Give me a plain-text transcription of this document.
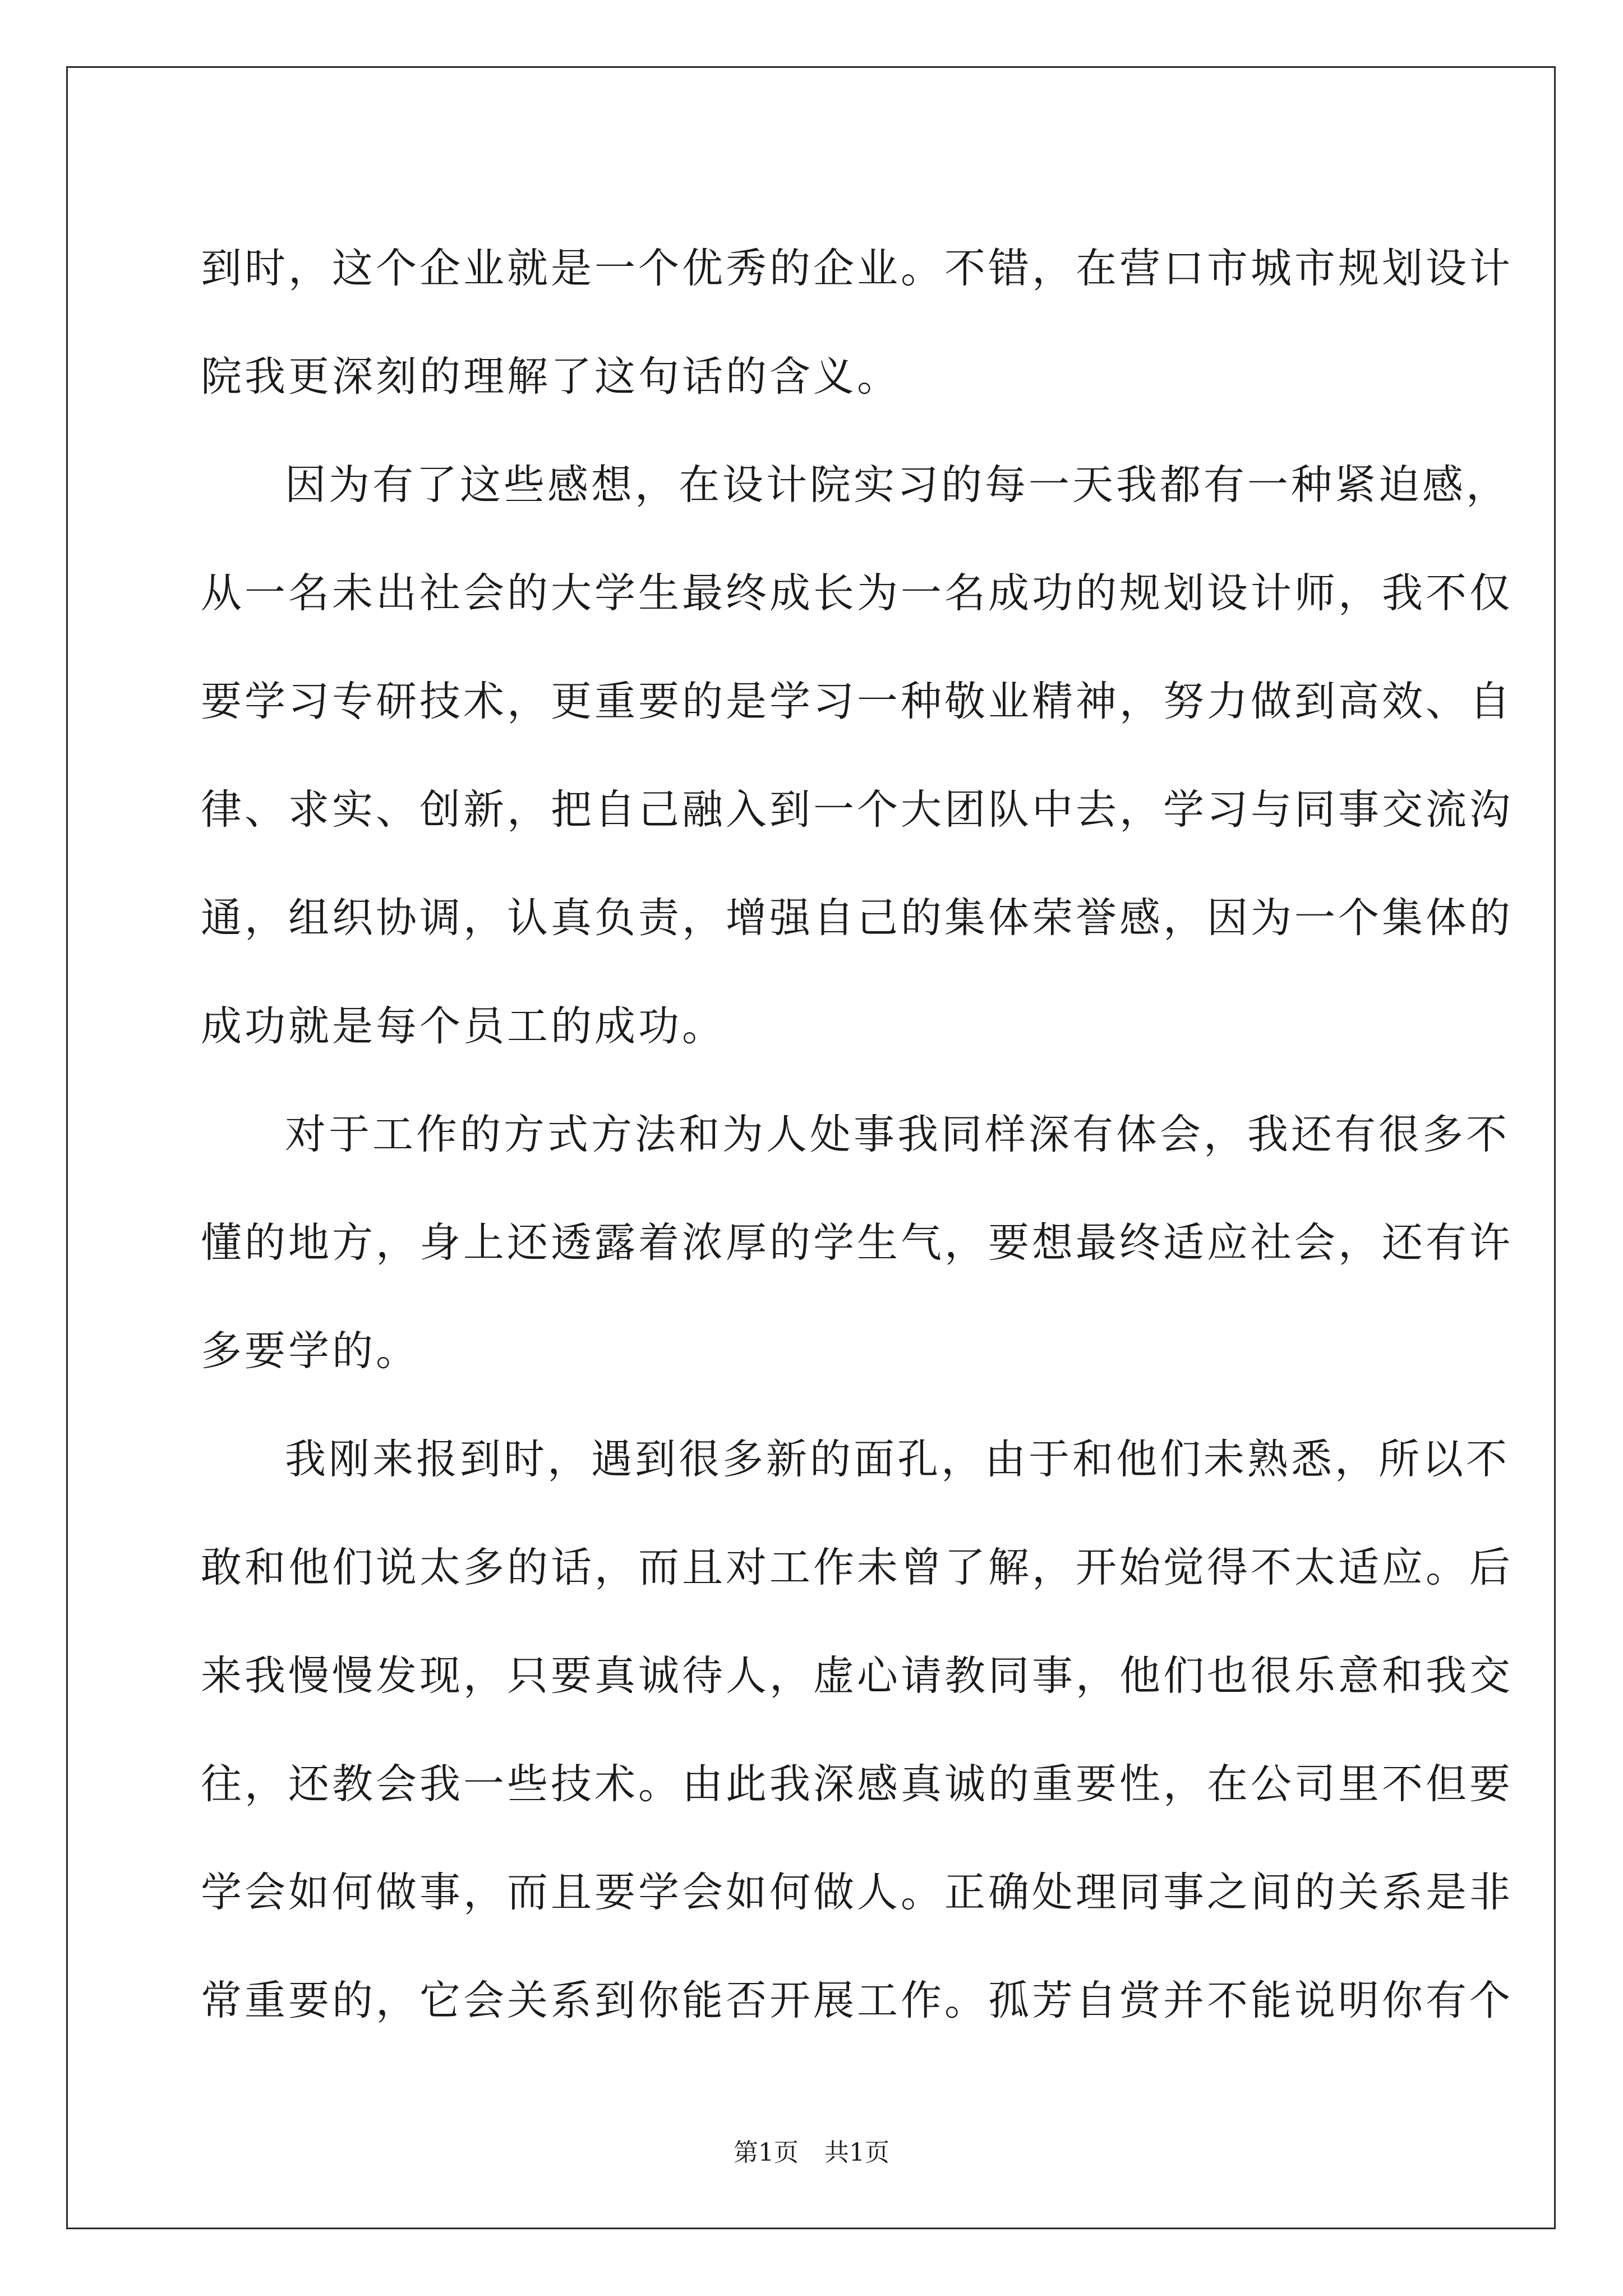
到时，这个企业就是一个优秀的企业。不错，在营口市城市规划设计
院我更深刻的理解了这句话的含义。
因为有了这些感想，在设计院实习的每一天我都有一种紧迫感，
从一名未出社会的大学生最终成长为一名成功的规划设计师，我不仅
要学习专研技术，更重要的是学习一种敬业精神，努力做到高效、自
律、求实、创新，把自己融入到一个大团队中去，学习与同事交流沟
通，组织协调，认真负责，增强自己的集体荣誉感，因为一个集体的
成功就是每个员工的成功。
对于工作的方式方法和为人处事我同样深有体会，我还有很多不
懂的地方，身上还透露着浓厚的学生气，要想最终适应社会，还有许
多要学的。
我刚来报到时，遇到很多新的面孔，由于和他们未熟悉，所以不
敢和他们说太多的话，而且对工作未曾了解，开始觉得不太适应。后
来我慢慢发现，只要真诚待人，虚心请教同事，他们也很乐意和我交
往，还教会我一些技术。由此我深感真诚的重要性，在公司里不但要
学会如何做事，而且要学会如何做人。正确处理同事之间的关系是非
常重要的，它会关系到你能否开展工作。孤芳自赏并不能说明你有个
第1页 共1页
